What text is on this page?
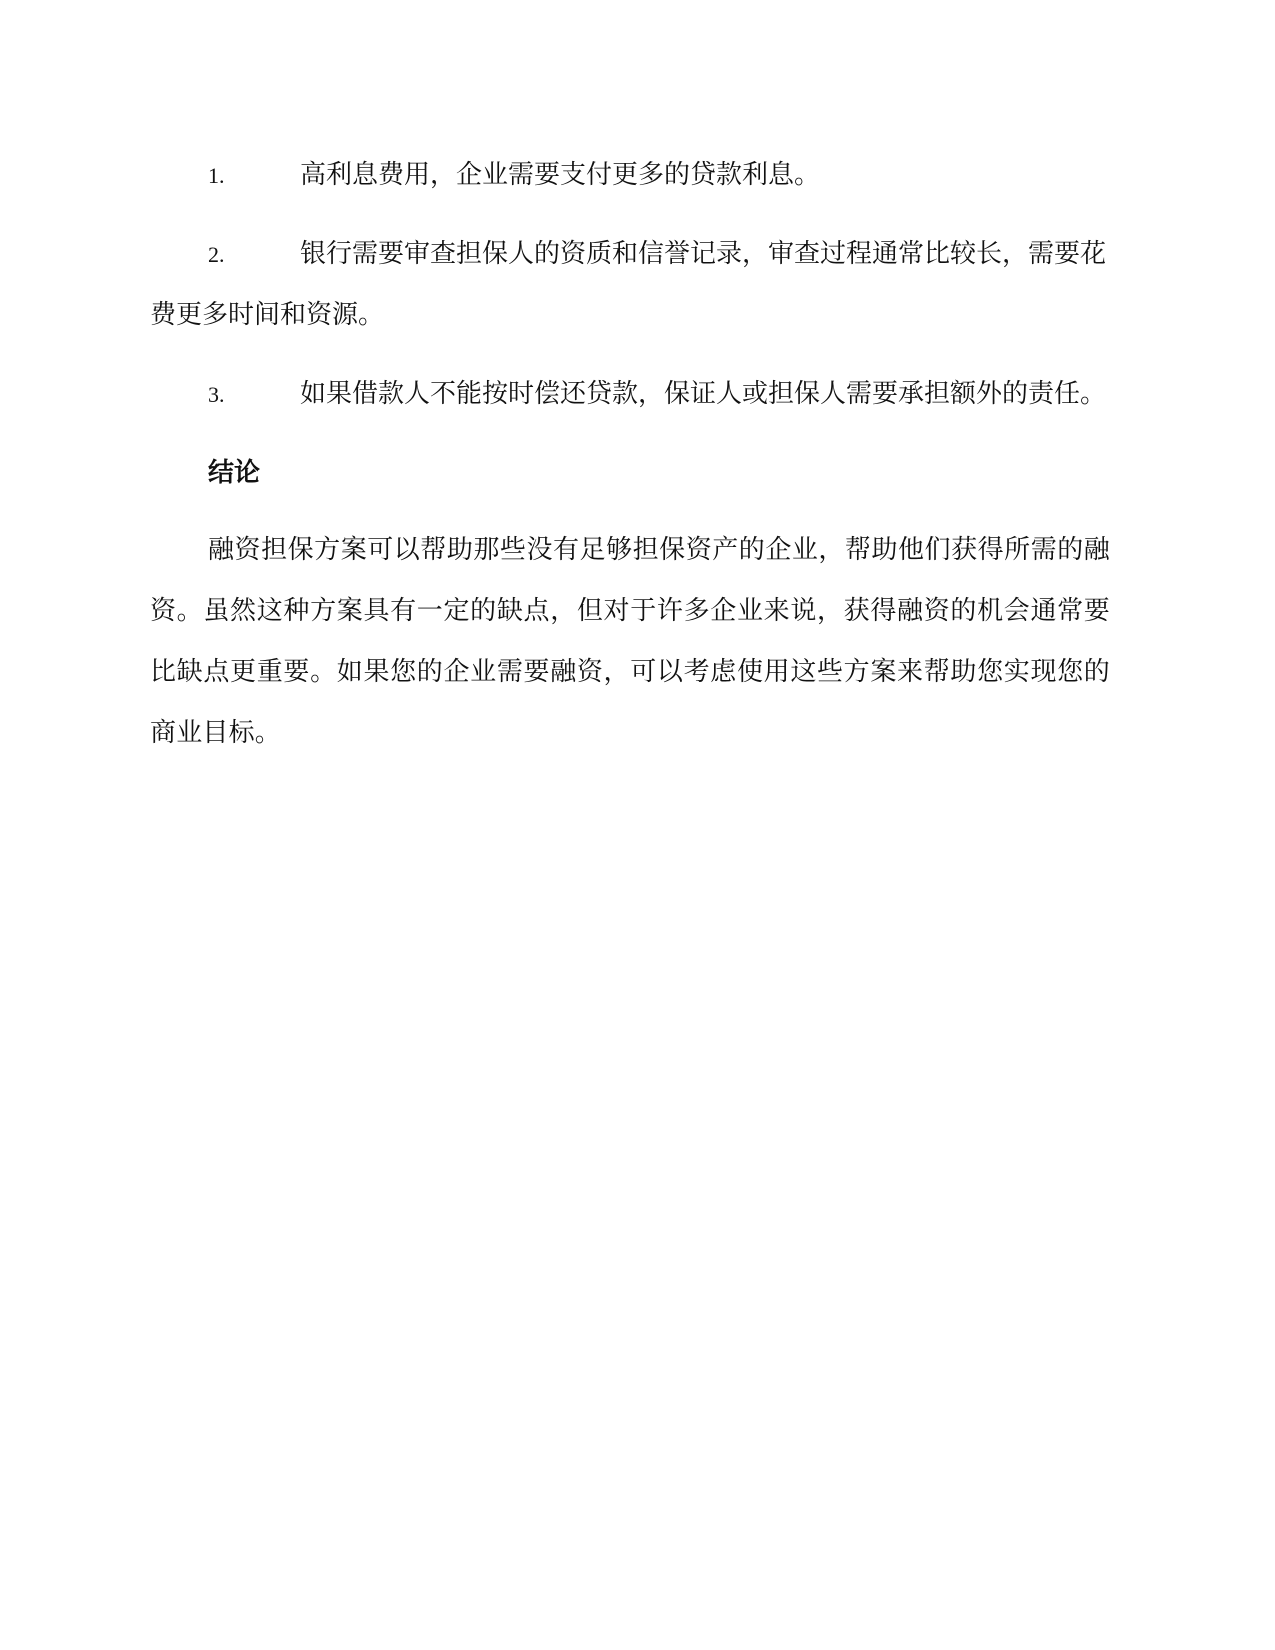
1.	高利息费用，企业需要支付更多的贷款利息。
2.	银行需要审查担保人的资质和信誉记录，审查过程通常比较长，需要花费更多时间和资源。
3.	如果借款人不能按时偿还贷款，保证人或担保人需要承担额外的责任。
结论

融资担保方案可以帮助那些没有足够担保资产的企业，帮助他们获得所需的融资。虽然这种方案具有一定的缺点，但对于许多企业来说，获得融资的机会通常要比缺点更重要。如果您的企业需要融资，可以考虑使用这些方案来帮助您实现您的商业目标。
